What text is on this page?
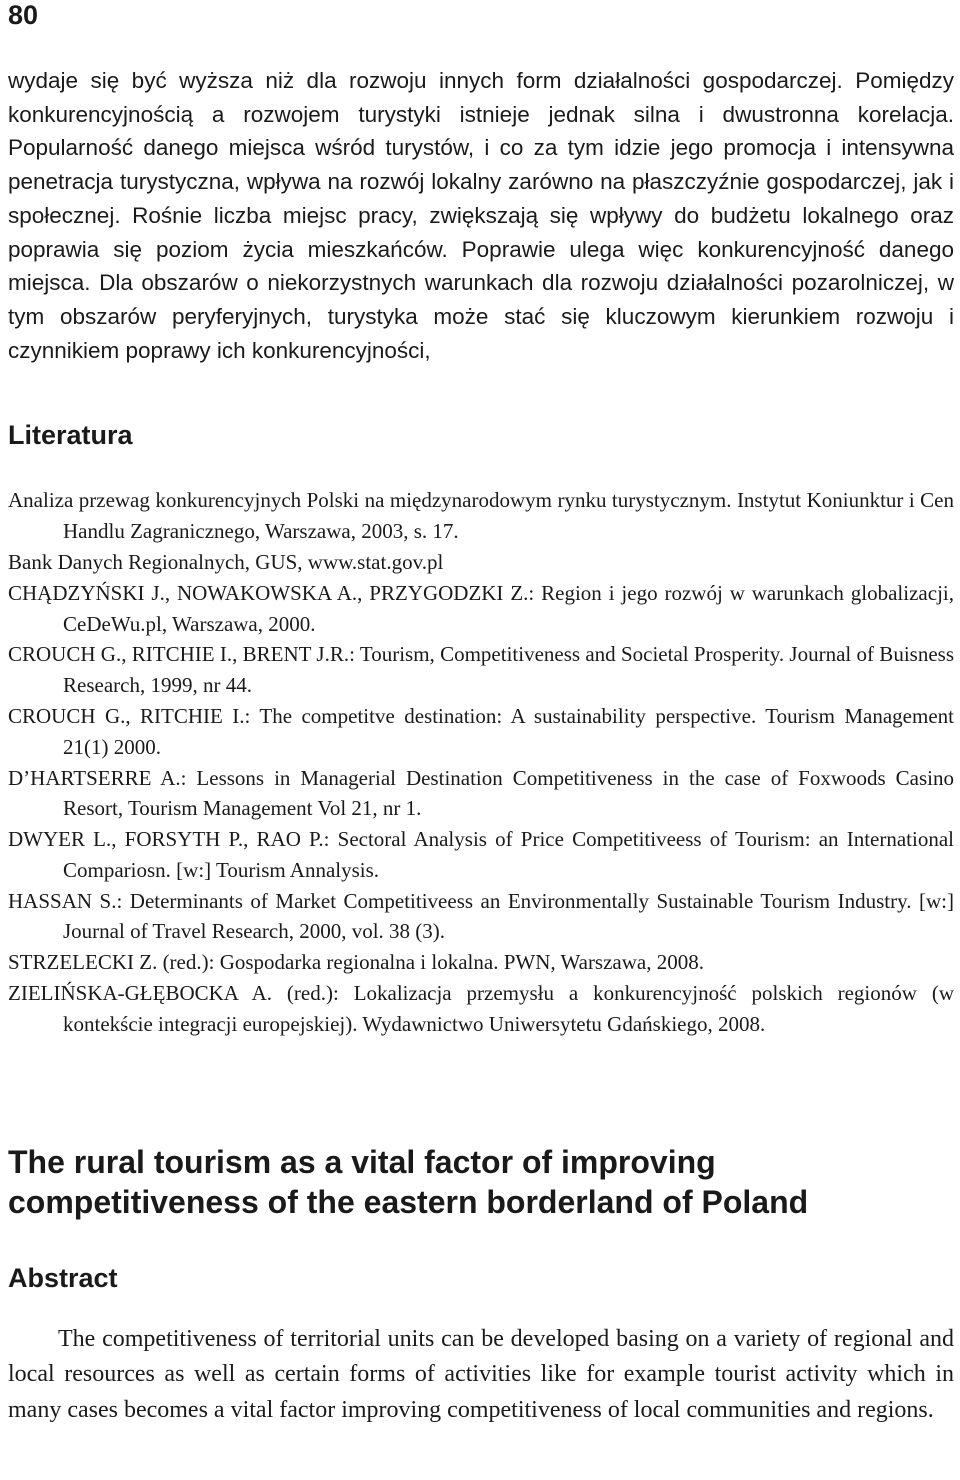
80

wydaje się być wyższa niż dla rozwoju innych form działalności gospodarczej. Pomiędzy konkurencyjnością a rozwojem turystyki istnieje jednak silna i dwustronna korelacja. Popularność danego miejsca wśród turystów, i co za tym idzie jego promocja i intensywna penetracja turystyczna, wpływa na rozwój lokalny zarówno na płaszczyźnie gospodarczej, jak i społecznej. Rośnie liczba miejsc pracy, zwiększają się wpływy do budżetu lokalnego oraz poprawia się poziom życia mieszkańców. Poprawie ulega więc konkurencyjność danego miejsca. Dla obszarów o niekorzystnych warunkach dla rozwoju działalności pozarolniczej, w tym obszarów peryferyjnych, turystyka może stać się kluczowym kierunkiem rozwoju i czynnikiem poprawy ich konkurencyjności,

Literatura
Analiza przewag konkurencyjnych Polski na międzynarodowym rynku turystycznym. Instytut Koniunktur i Cen Handlu Zagranicznego, Warszawa, 2003, s. 17.
Bank Danych Regionalnych, GUS, www.stat.gov.pl
CHĄDZYŃSKI J., NOWAKOWSKA A., PRZYGODZKI Z.: Region i jego rozwój w warunkach globalizacji, CeDeWu.pl, Warszawa, 2000.
CROUCH G., RITCHIE I., BRENT J.R.: Tourism, Competitiveness and Societal Prosperity. Journal of Buisness Research, 1999, nr 44.
CROUCH G., RITCHIE I.: The competitve destination: A sustainability perspective. Tourism Management 21(1) 2000.
D’HARTSERRE A.: Lessons in Managerial Destination Competitiveness in the case of Foxwoods Casino Resort, Tourism Management Vol 21, nr 1.
DWYER L., FORSYTH P., RAO P.: Sectoral Analysis of Price Competitiveess of Tourism: an International Compariosn. [w:] Tourism Annalysis.
HASSAN S.: Determinants of Market Competitiveess an Environmentally Sustainable Tourism Industry. [w:] Journal of Travel Research, 2000, vol. 38 (3).
STRZELECKI Z. (red.): Gospodarka regionalna i lokalna. PWN, Warszawa, 2008.
ZIELIŃSKA-GŁĘBOCKA A. (red.): Lokalizacja przemysłu a konkurencyjność polskich regionów (w kontekście integracji europejskiej). Wydawnictwo Uniwersytetu Gdańskiego, 2008.
The rural tourism as a vital factor of improving competitiveness of the eastern borderland of Poland
Abstract

The competitiveness of territorial units can be developed basing on a variety of regional and local resources as well as certain forms of activities like for example tourist activity which in many cases becomes a vital factor improving competitiveness of local communities and regions.
